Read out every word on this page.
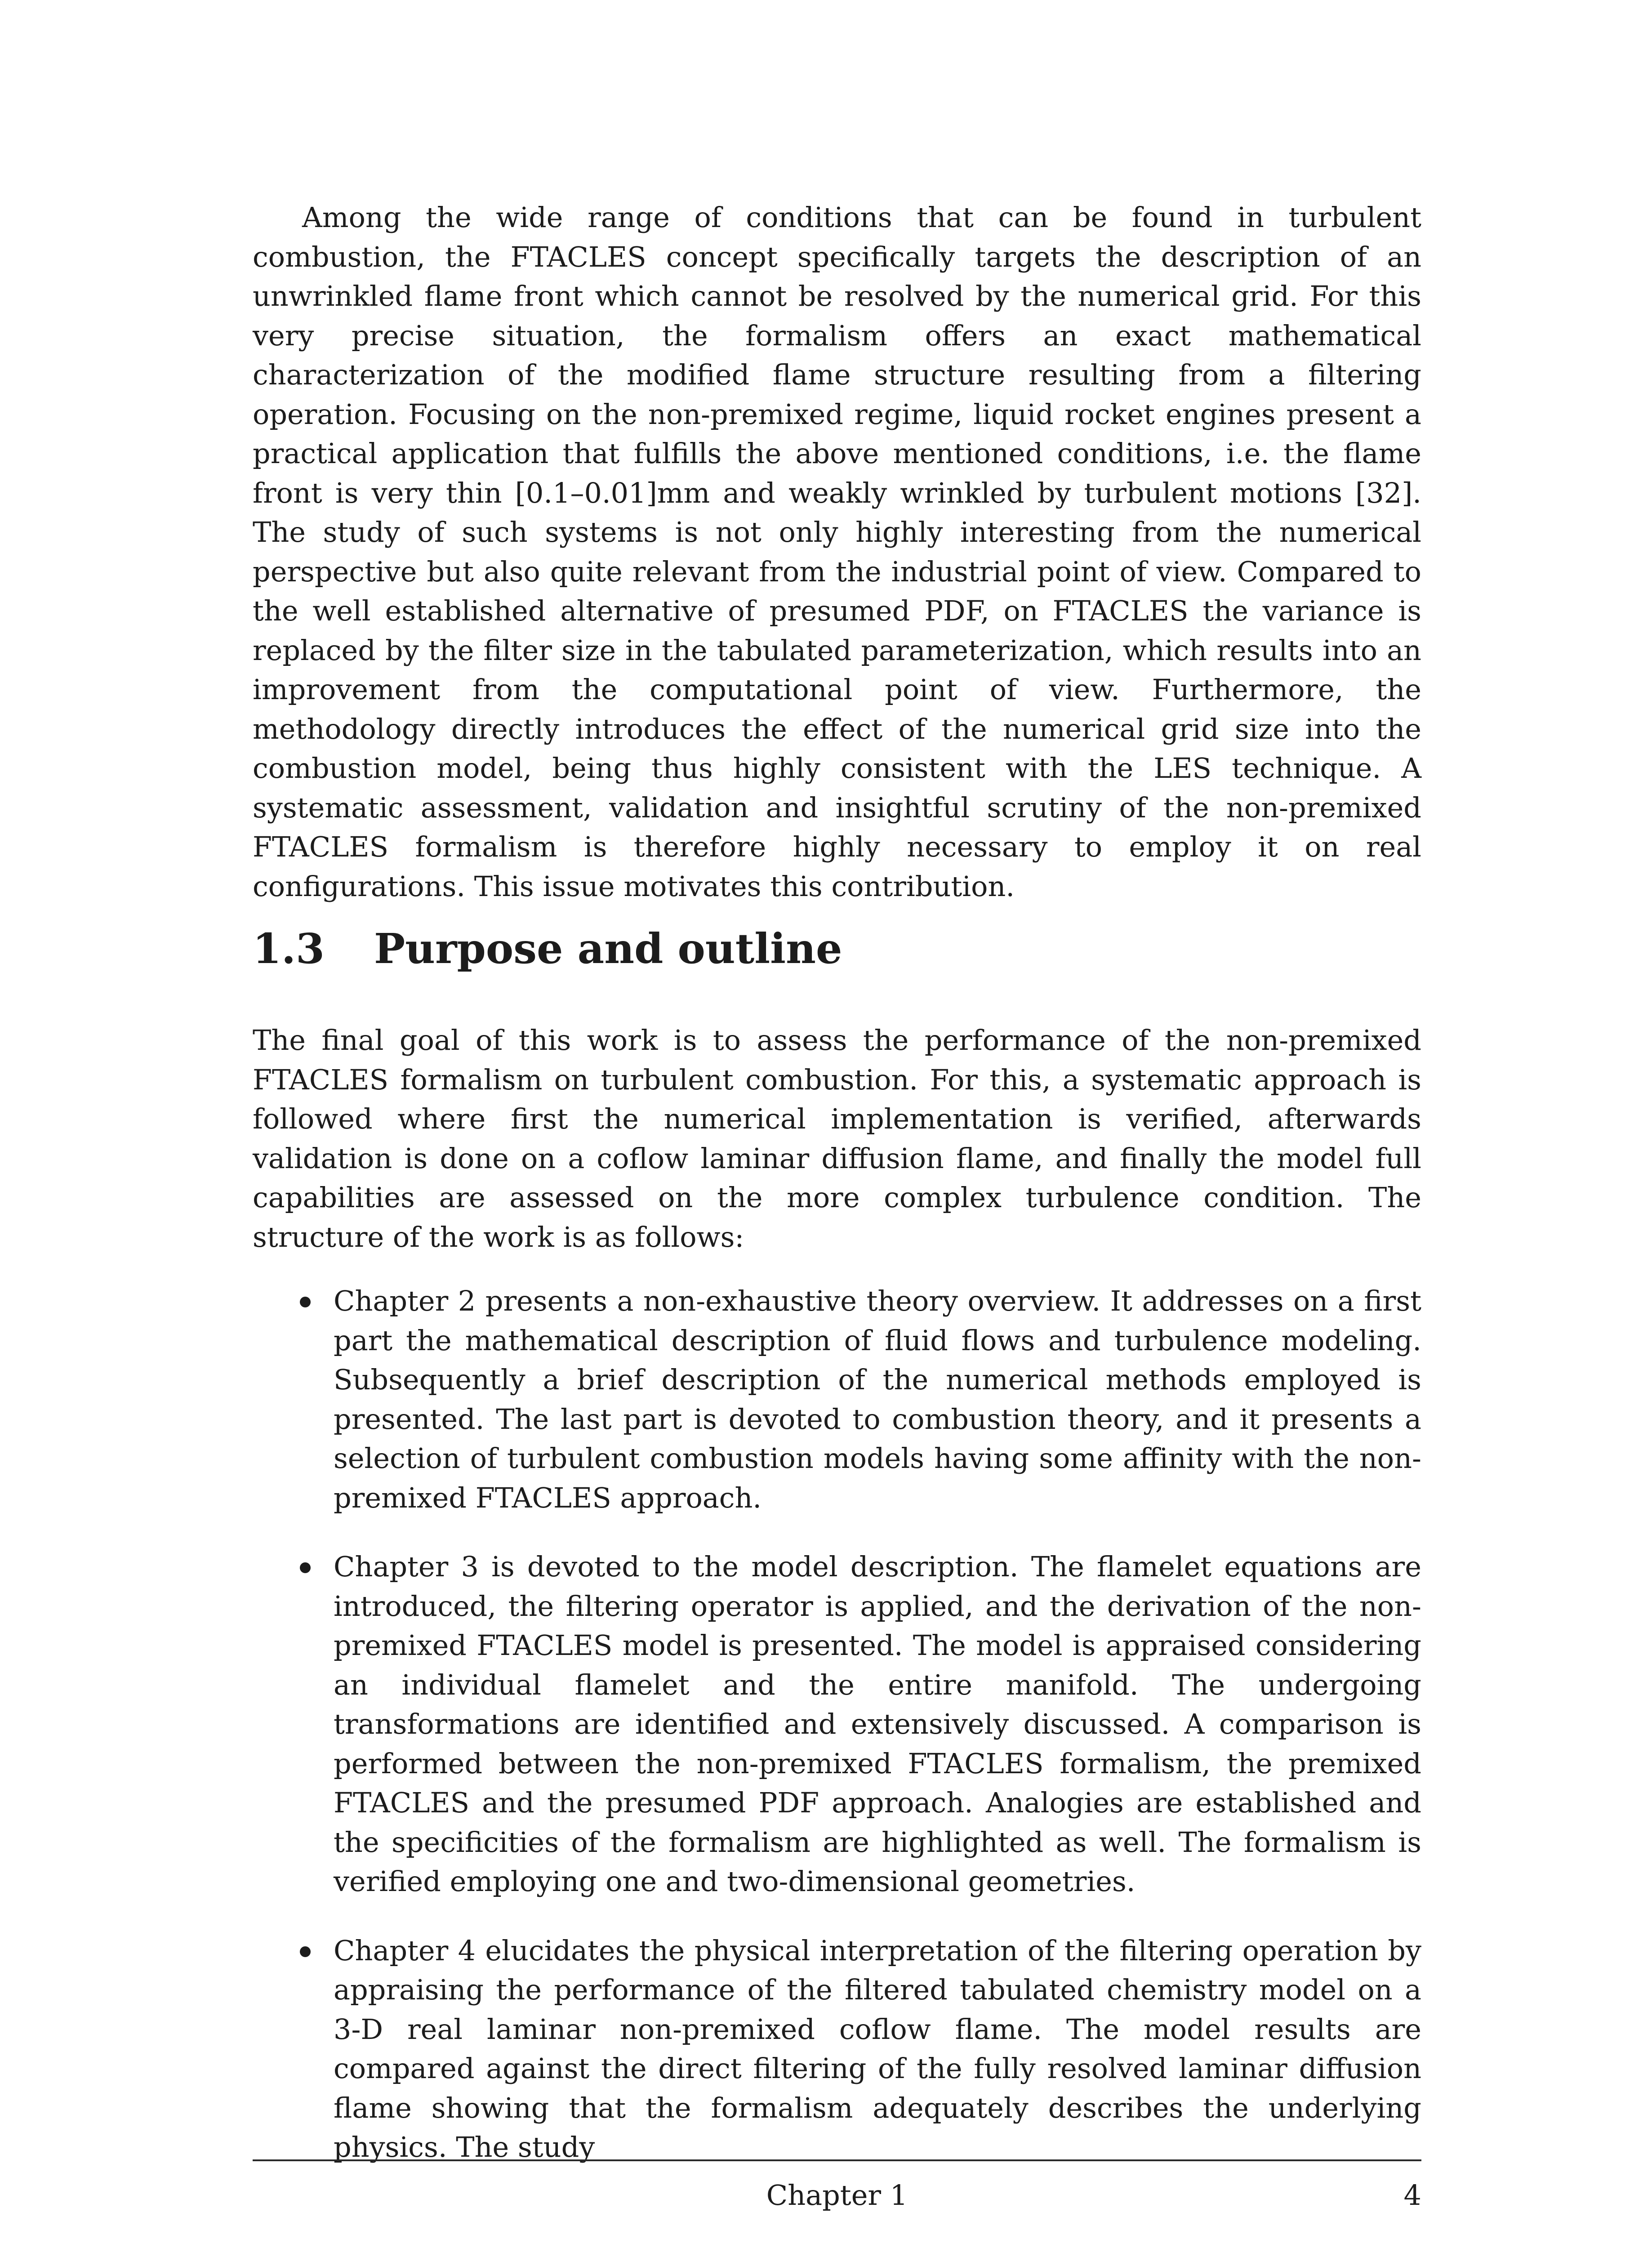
Among the wide range of conditions that can be found in turbulent combustion, the FTACLES concept specifically targets the description of an unwrinkled flame front which cannot be resolved by the numerical grid. For this very precise situation, the formalism offers an exact mathematical characterization of the modified flame structure resulting from a filtering operation. Focusing on the non-premixed regime, liquid rocket engines present a practical application that fulfills the above mentioned conditions, i.e. the flame front is very thin [0.1–0.01]mm and weakly wrinkled by turbulent motions [32]. The study of such systems is not only highly interesting from the numerical perspective but also quite relevant from the industrial point of view. Compared to the well established alternative of presumed PDF, on FTACLES the variance is replaced by the filter size in the tabulated parameterization, which results into an improvement from the computational point of view. Furthermore, the methodology directly introduces the effect of the numerical grid size into the combustion model, being thus highly consistent with the LES technique. A systematic assessment, validation and insightful scrutiny of the non-premixed FTACLES formalism is therefore highly necessary to employ it on real configurations. This issue motivates this contribution.

1.3	Purpose and outline

The final goal of this work is to assess the performance of the non-premixed FTACLES formalism on turbulent combustion. For this, a systematic approach is followed where first the numerical implementation is verified, afterwards validation is done on a coflow laminar diffusion flame, and finally the model full capabilities are assessed on the more complex turbulence condition. The structure of the work is as follows:

Chapter 2 presents a non-exhaustive theory overview. It addresses on a first part the mathematical description of fluid flows and turbulence modeling. Subsequently a brief description of the numerical methods employed is presented. The last part is devoted to combustion theory, and it presents a selection of turbulent combustion models having some affinity with the non-premixed FTACLES approach.

Chapter 3 is devoted to the model description. The flamelet equations are introduced, the filtering operator is applied, and the derivation of the non-premixed FTACLES model is presented. The model is appraised considering an individual flamelet and the entire manifold. The undergoing transformations are identified and extensively discussed. A comparison is performed between the non-premixed FTACLES formalism, the premixed FTACLES and the presumed PDF approach. Analogies are established and the specificities of the formalism are highlighted as well. The formalism is verified employing one and two-dimensional geometries.

Chapter 4 elucidates the physical interpretation of the filtering operation by appraising the performance of the filtered tabulated chemistry model on a 3-D real laminar non-premixed coflow flame. The model results are compared against the direct filtering of the fully resolved laminar diffusion flame showing that the formalism adequately describes the underlying physics. The study

Chapter 1	4
